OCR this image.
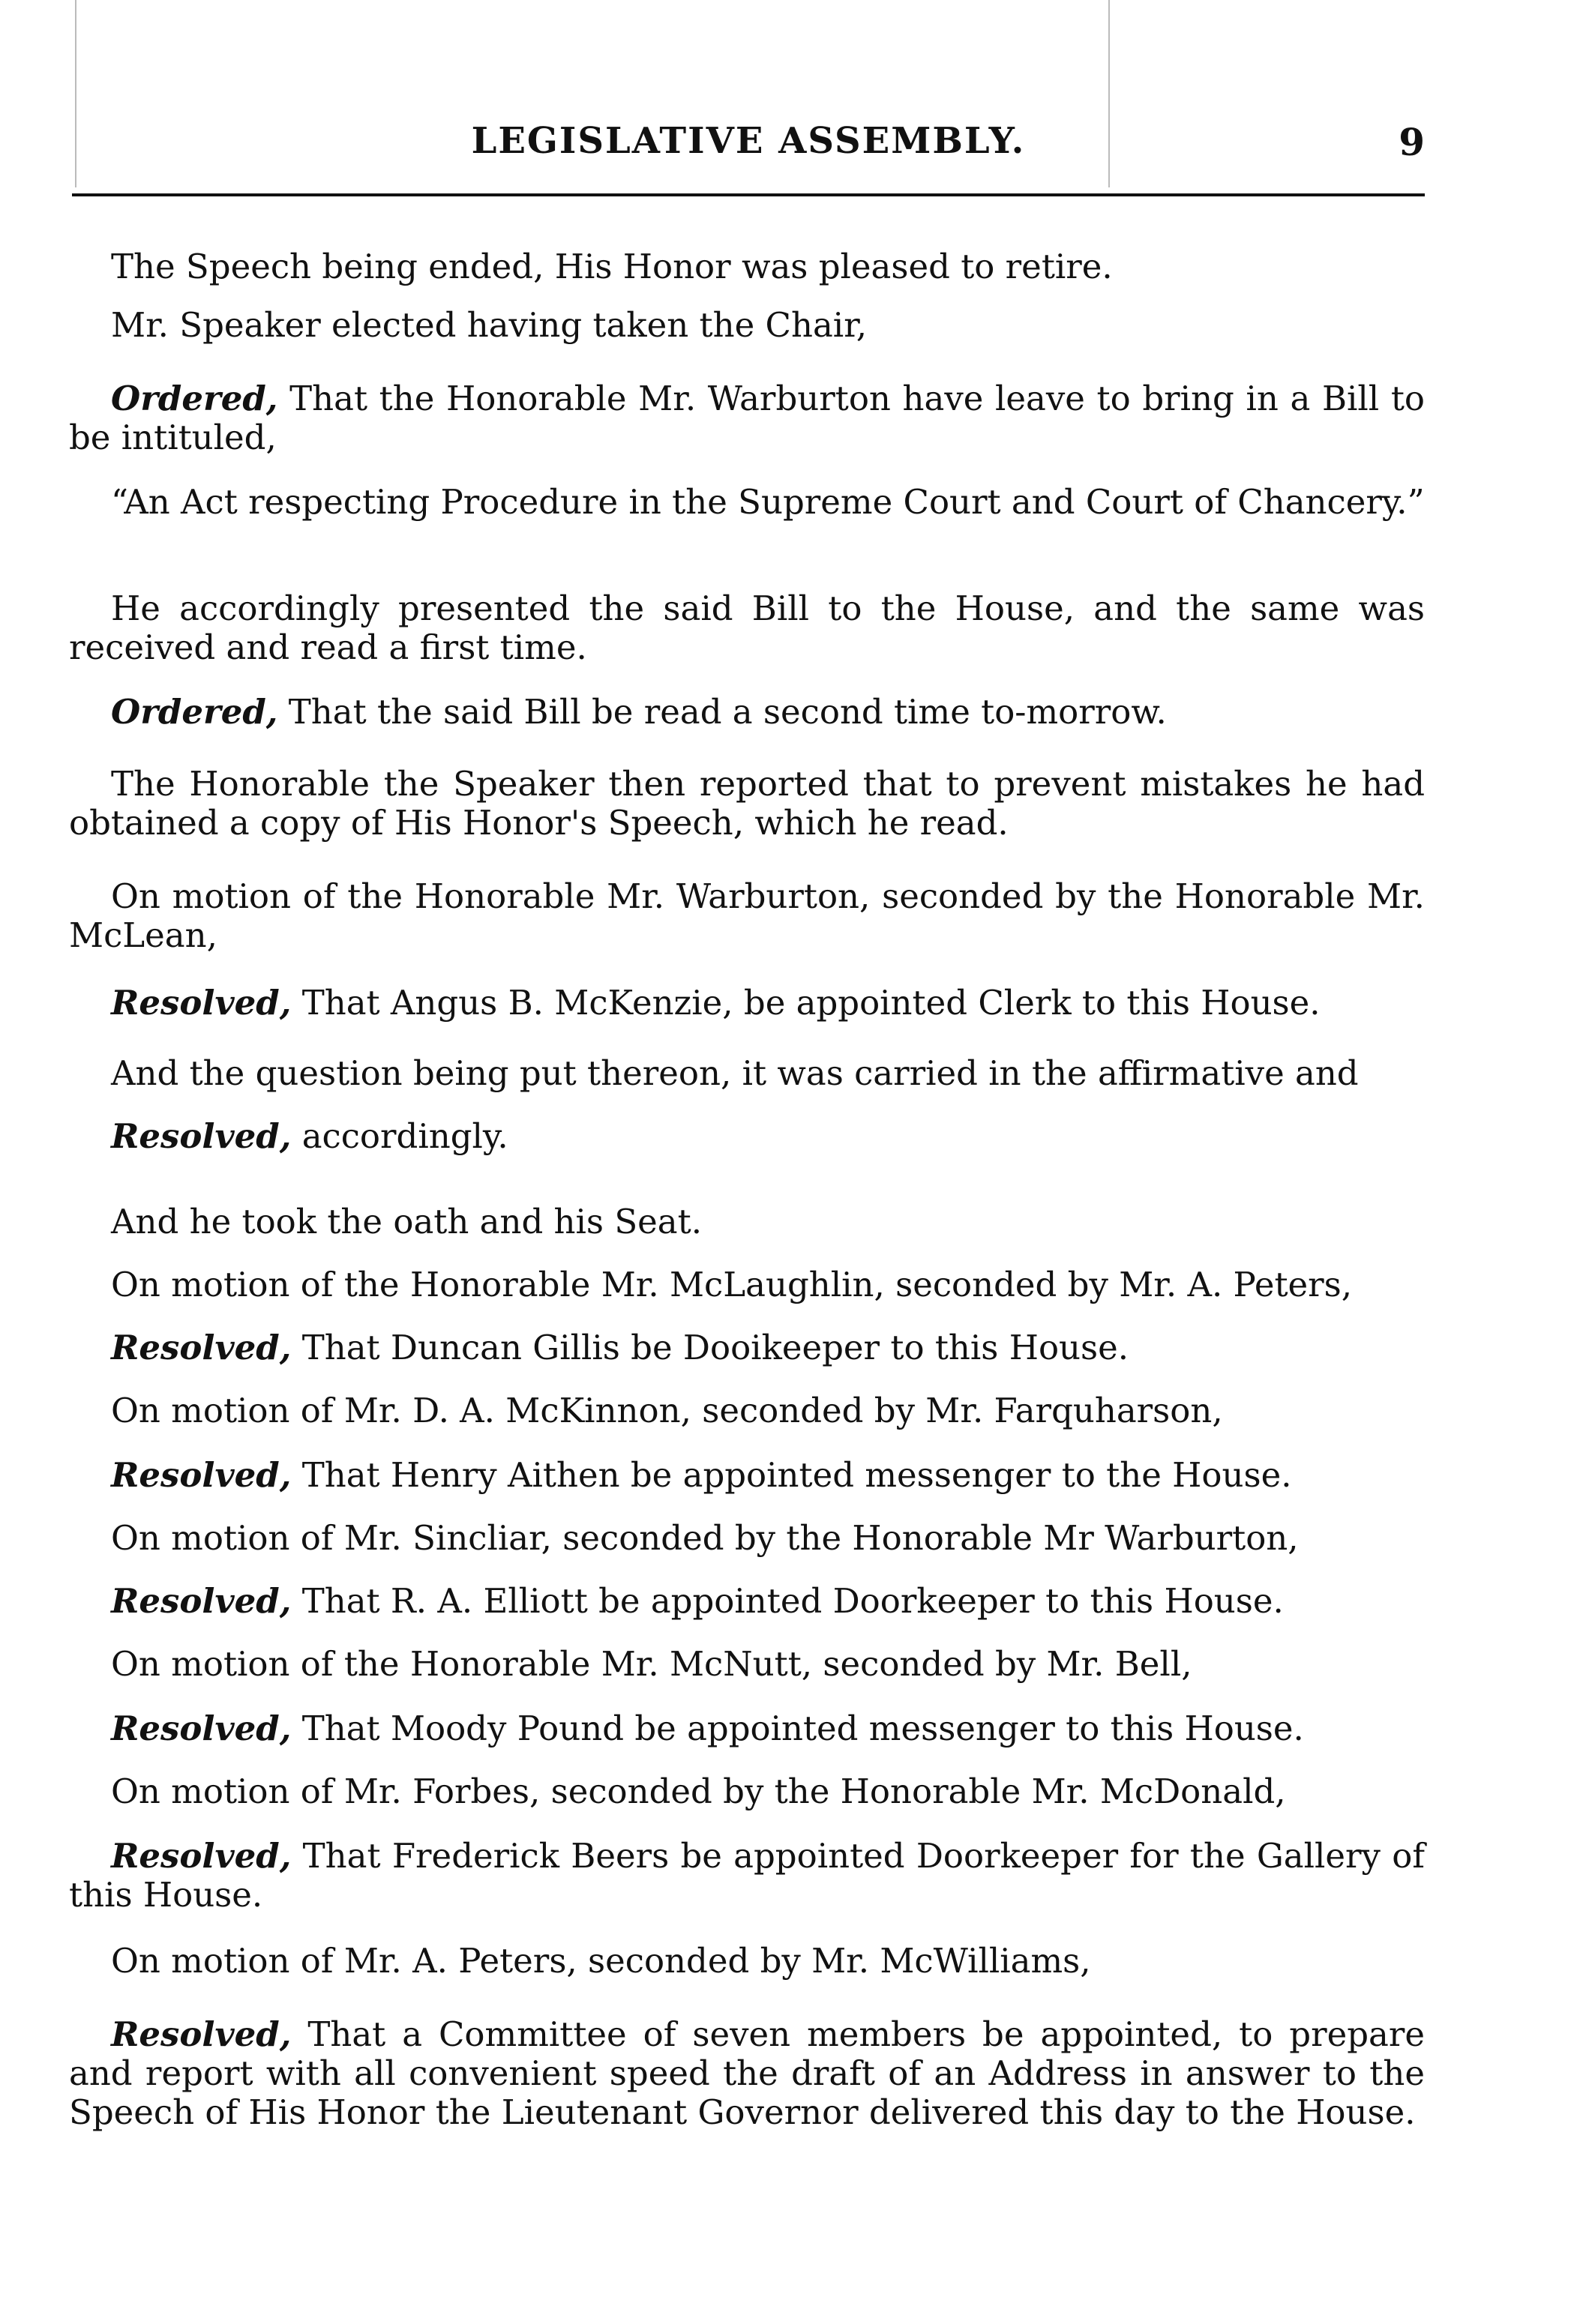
LEGISLATIVE ASSEMBLY.	9

The Speech being ended, His Honor was pleased to retire.

Mr. Speaker elected having taken the Chair,

Ordered, That the Honorable Mr. Warburton have leave to bring in a Bill to be intituled,

“An Act respecting Procedure in the Supreme Court and Court of Chancery.”

He accordingly presented the said Bill to the House, and the same was received and read a first time.

Ordered, That the said Bill be read a second time to-morrow.

The Honorable the Speaker then reported that to prevent mistakes he had obtained a copy of His Honor's Speech, which he read.

On motion of the Honorable Mr. Warburton, seconded by the Honorable Mr. McLean,

Resolved, That Angus B. McKenzie, be appointed Clerk to this House.

And the question being put thereon, it was carried in the affirmative and

Resolved, accordingly.

And he took the oath and his Seat.

On motion of the Honorable Mr. McLaughlin, seconded by Mr. A. Peters,

Resolved, That Duncan Gillis be Dooikeeper to this House.

On motion of Mr. D. A. McKinnon, seconded by Mr. Farquharson,

Resolved, That Henry Aithen be appointed messenger to the House.

On motion of Mr. Sincliar, seconded by the Honorable Mr Warburton,

Resolved, That R. A. Elliott be appointed Doorkeeper to this House.

On motion of the Honorable Mr. McNutt, seconded by Mr. Bell,

Resolved, That Moody Pound be appointed messenger to this House.

On motion of Mr. Forbes, seconded by the Honorable Mr. McDonald,

Resolved, That Frederick Beers be appointed Doorkeeper for the Gallery of this House.

On motion of Mr. A. Peters, seconded by Mr. McWilliams,

Resolved, That a Committee of seven members be appointed, to prepare and report with all convenient speed the draft of an Address in answer to the Speech of His Honor the Lieutenant Governor delivered this day to the House.
